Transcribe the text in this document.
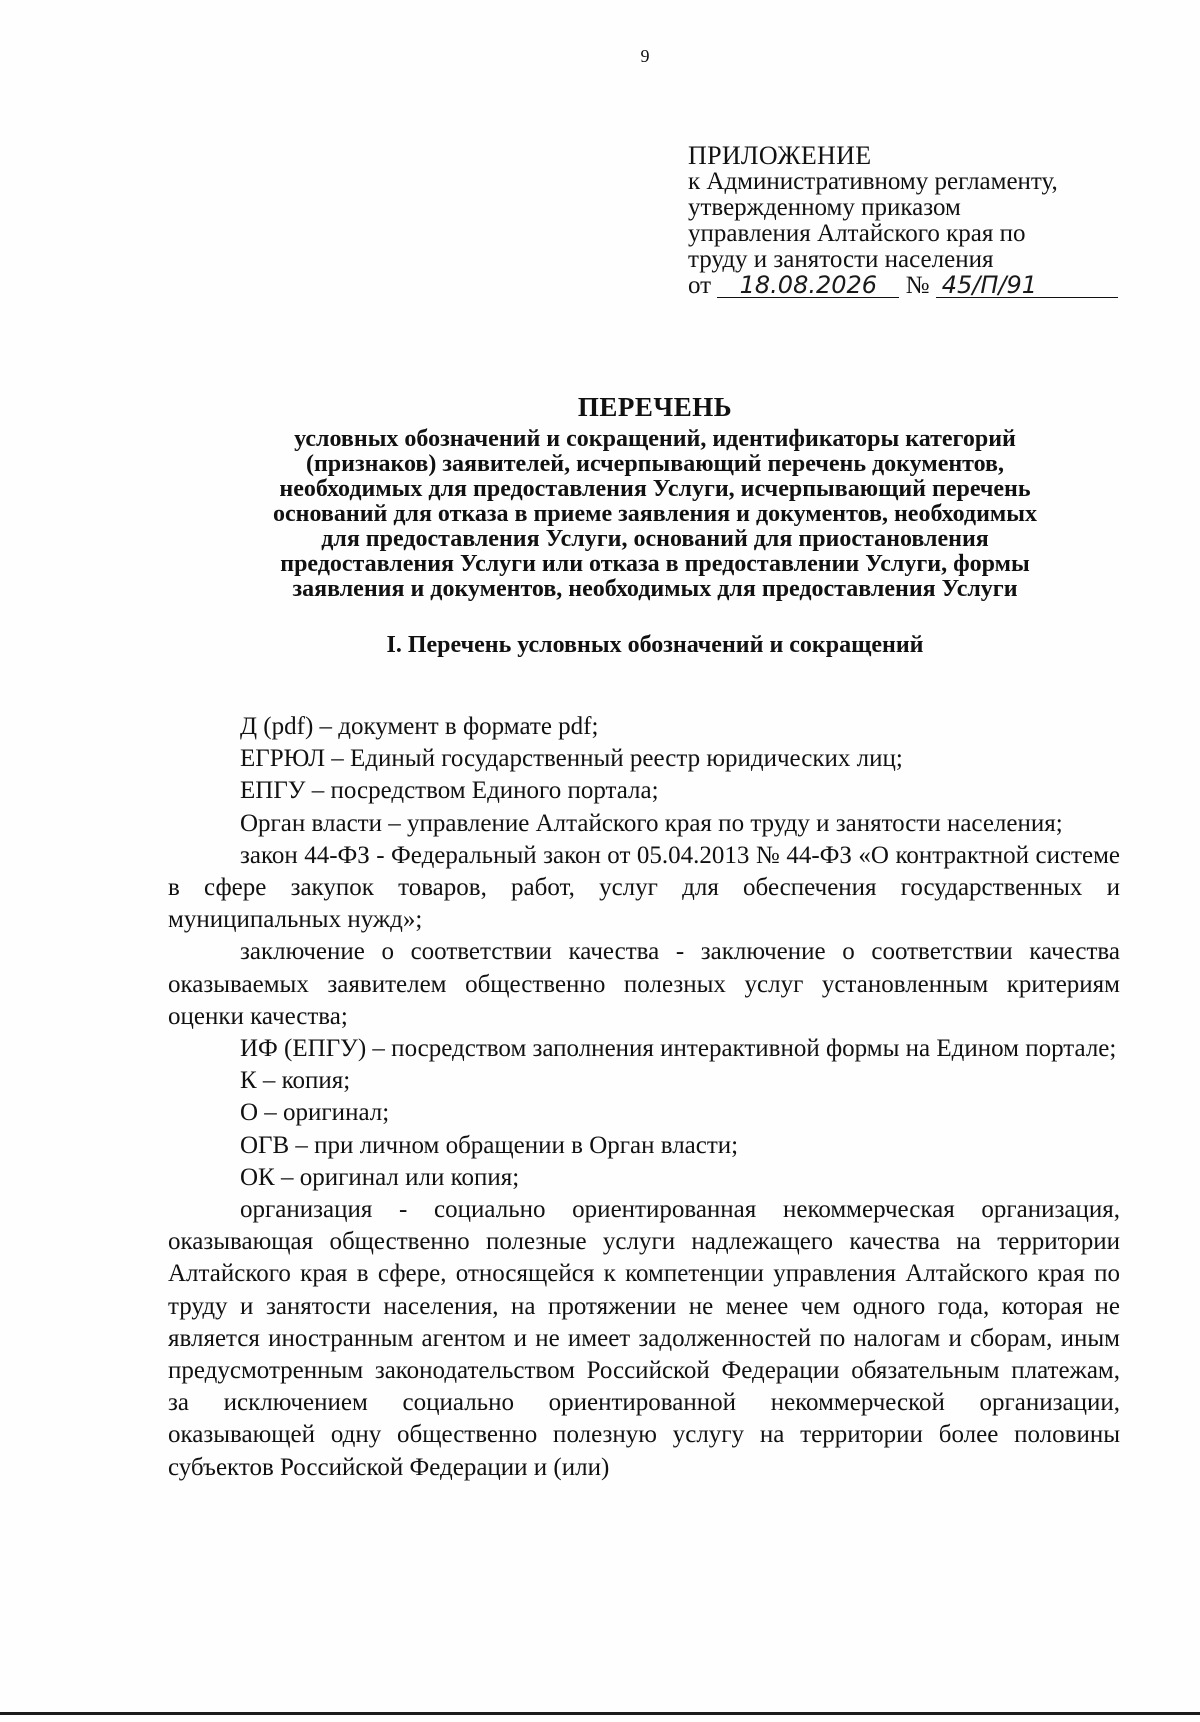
9
ПРИЛОЖЕНИЕ
к Административному регламенту,
утвержденному приказом
управления Алтайского края по
труду и занятости населения
от 18.08.2026 № 45/П/91
ПЕРЕЧЕНЬ
условных обозначений и сокращений, идентификаторы категорий
(признаков) заявителей, исчерпывающий перечень документов,
необходимых для предоставления Услуги, исчерпывающий перечень
оснований для отказа в приеме заявления и документов, необходимых
для предоставления Услуги, оснований для приостановления
предоставления Услуги или отказа в предоставлении Услуги, формы
заявления и документов, необходимых для предоставления Услуги
I. Перечень условных обозначений и сокращений

Д (pdf) – документ в формате pdf;

ЕГРЮЛ – Единый государственный реестр юридических лиц;

ЕПГУ – посредством Единого портала;

Орган власти – управление Алтайского края по труду и занятости населения;

закон 44-ФЗ - Федеральный закон от 05.04.2013 № 44-ФЗ «О контрактной системе в сфере закупок товаров, работ, услуг для обеспечения государственных и муниципальных нужд»;

заключение о соответствии качества - заключение о соответствии качества оказываемых заявителем общественно полезных услуг установленным критериям оценки качества;

ИФ (ЕПГУ) – посредством заполнения интерактивной формы на Едином портале;

К – копия;

О – оригинал;

ОГВ – при личном обращении в Орган власти;

ОК – оригинал или копия;

организация - социально ориентированная некоммерческая организация, оказывающая общественно полезные услуги надлежащего качества на территории Алтайского края в сфере, относящейся к компетенции управления Алтайского края по труду и занятости населения, на протяжении не менее чем одного года, которая не является иностранным агентом и не имеет задолженностей по налогам и сборам, иным предусмотренным законодательством Российской Федерации обязательным платежам, за исключением социально ориентированной некоммерческой организации, оказывающей одну общественно полезную услугу на территории более половины субъектов Российской Федерации и (или)
